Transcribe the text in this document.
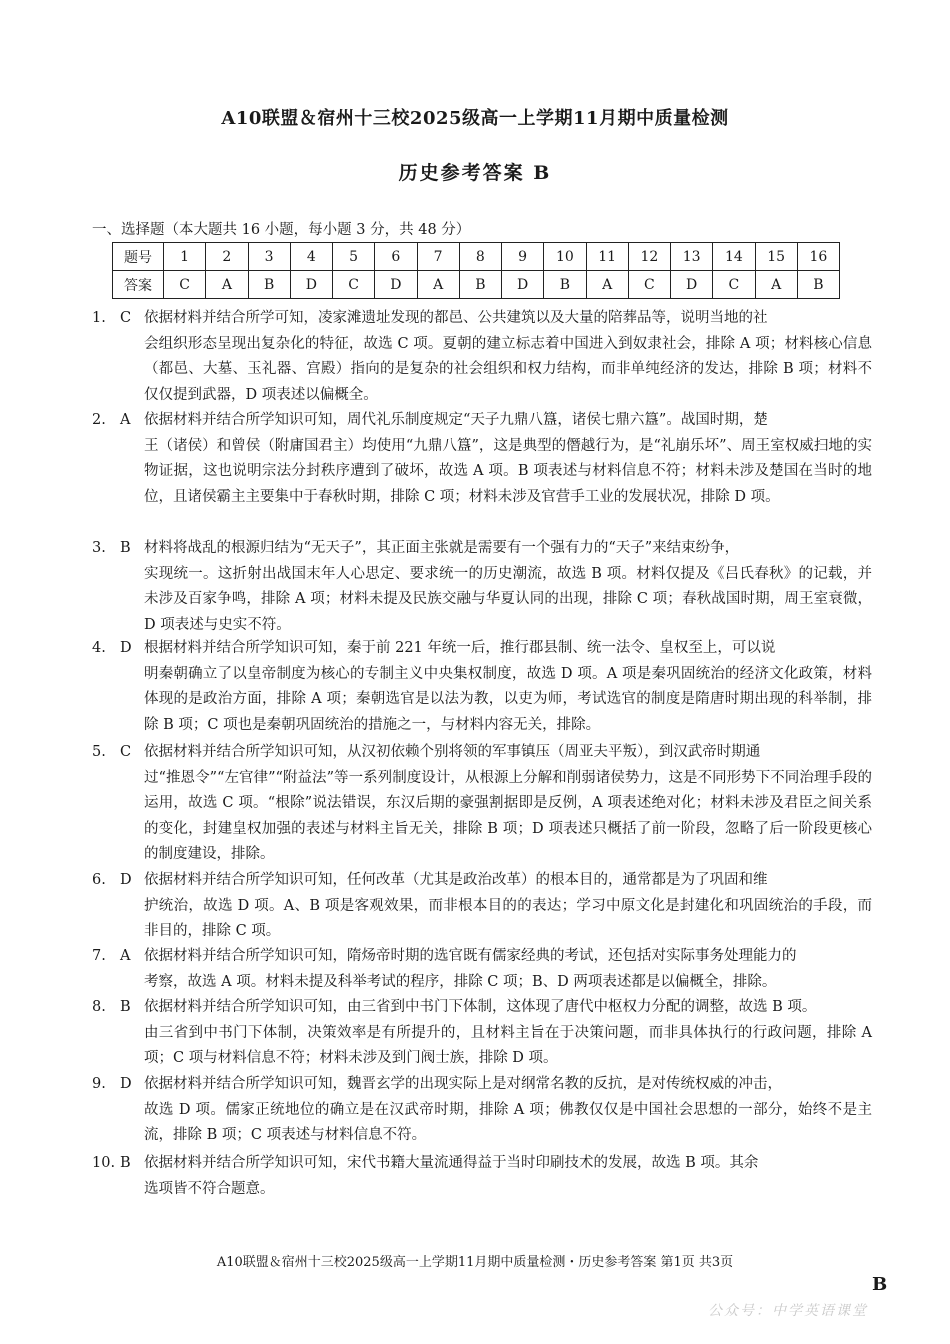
A10联盟＆宿州十三校2025级高一上学期11月期中质量检测
历史参考答案 B
一、选择题（本大题共 16 小题，每小题 3 分，共 48 分）
题号	1	2	3	4	5	6	7	8	9	10	11	12	13	14	15	16
答案	C	A	B	D	C	D	A	B	D	B	A	C	D	C	A	B
1. C 依据材料并结合所学可知，凌家滩遗址发现的都邑、公共建筑以及大量的陪葬品等，说明当地的社
会组织形态呈现出复杂化的特征，故选 C 项。夏朝的建立标志着中国进入到奴隶社会，排除 A 项；材料核心信息（都邑、大墓、玉礼器、宫殿）指向的是复杂的社会组织和权力结构，而非单纯经济的发达，排除 B 项；材料不仅仅提到武器，D 项表述以偏概全。
2. A 依据材料并结合所学知识可知，周代礼乐制度规定“天子九鼎八簋，诸侯七鼎六簋”。战国时期，楚
王（诸侯）和曾侯（附庸国君主）均使用“九鼎八簋”，这是典型的僭越行为，是“礼崩乐坏”、周王室权威扫地的实物证据，这也说明宗法分封秩序遭到了破坏，故选 A 项。B 项表述与材料信息不符；材料未涉及楚国在当时的地位，且诸侯霸主主要集中于春秋时期，排除 C 项；材料未涉及官营手工业的发展状况，排除 D 项。
3. B 材料将战乱的根源归结为“无天子”，其正面主张就是需要有一个强有力的“天子”来结束纷争，
实现统一。这折射出战国末年人心思定、要求统一的历史潮流，故选 B 项。材料仅提及《吕氏春秋》的记载，并未涉及百家争鸣，排除 A 项；材料未提及民族交融与华夏认同的出现，排除 C 项；春秋战国时期，周王室衰微，D 项表述与史实不符。
4. D 根据材料并结合所学知识可知，秦于前 221 年统一后，推行郡县制、统一法令、皇权至上，可以说
明秦朝确立了以皇帝制度为核心的专制主义中央集权制度，故选 D 项。A 项是秦巩固统治的经济文化政策，材料体现的是政治方面，排除 A 项；秦朝选官是以法为教，以吏为师，考试选官的制度是隋唐时期出现的科举制，排除 B 项；C 项也是秦朝巩固统治的措施之一，与材料内容无关，排除。
5. C 依据材料并结合所学知识可知，从汉初依赖个别将领的军事镇压（周亚夫平叛），到汉武帝时期通
过“推恩令”“左官律”“附益法”等一系列制度设计，从根源上分解和削弱诸侯势力，这是不同形势下不同治理手段的运用，故选 C 项。“根除”说法错误，东汉后期的豪强割据即是反例，A 项表述绝对化；材料未涉及君臣之间关系的变化，封建皇权加强的表述与材料主旨无关，排除 B 项；D 项表述只概括了前一阶段，忽略了后一阶段更核心的制度建设，排除。
6. D 依据材料并结合所学知识可知，任何改革（尤其是政治改革）的根本目的，通常都是为了巩固和维
护统治，故选 D 项。A、B 项是客观效果，而非根本目的的表达；学习中原文化是封建化和巩固统治的手段，而非目的，排除 C 项。
7. A 依据材料并结合所学知识可知，隋炀帝时期的选官既有儒家经典的考试，还包括对实际事务处理能力的
考察，故选 A 项。材料未提及科举考试的程序，排除 C 项；B、D 两项表述都是以偏概全，排除。
8. B 依据材料并结合所学知识可知，由三省到中书门下体制，这体现了唐代中枢权力分配的调整，故选 B 项。
由三省到中书门下体制，决策效率是有所提升的，且材料主旨在于决策问题，而非具体执行的行政问题，排除 A 项；C 项与材料信息不符；材料未涉及到门阀士族，排除 D 项。
9. D 依据材料并结合所学知识可知，魏晋玄学的出现实际上是对纲常名教的反抗，是对传统权威的冲击，
故选 D 项。儒家正统地位的确立是在汉武帝时期，排除 A 项；佛教仅仅是中国社会思想的一部分，始终不是主流，排除 B 项；C 项表述与材料信息不符。
10. B 依据材料并结合所学知识可知，宋代书籍大量流通得益于当时印刷技术的发展，故选 B 项。其余
选项皆不符合题意。
A10联盟＆宿州十三校2025级高一上学期11月期中质量检测・历史参考答案 第1页 共3页
B
公众号：中学英语课堂
